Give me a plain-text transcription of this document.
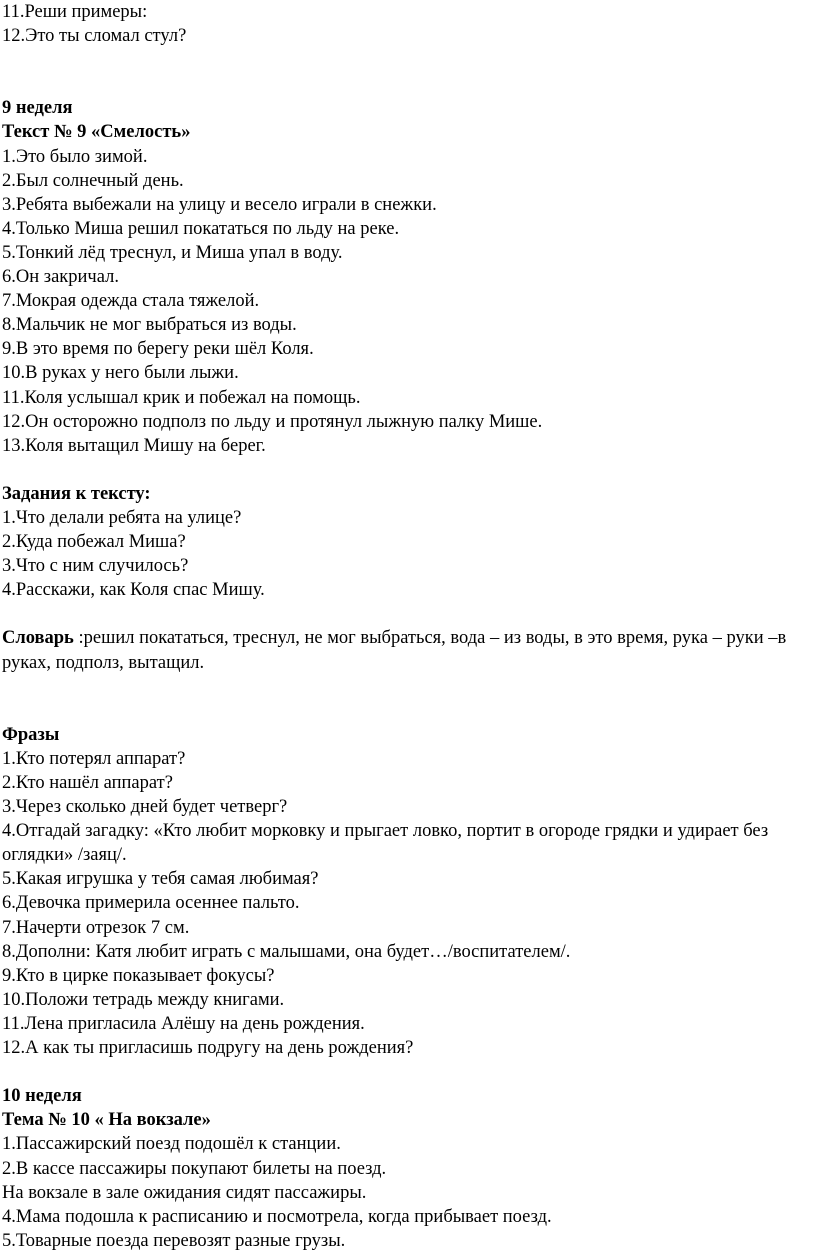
11.Реши примеры:
12.Это ты сломал стул?
9 неделя
Текст № 9 «Смелость»
1.Это было зимой.
2.Был солнечный день.
3.Ребята выбежали на улицу и весело играли в снежки.
4.Только Миша решил покататься по льду на реке.
5.Тонкий лёд треснул, и Миша упал в воду.
6.Он закричал.
7.Мокрая одежда стала тяжелой.
8.Мальчик не мог выбраться из воды.
9.В это время по берегу реки шёл Коля.
10.В руках у него были лыжи.
11.Коля услышал крик и побежал на помощь.
12.Он осторожно подполз по льду и протянул лыжную палку Мише.
13.Коля вытащил Мишу на берег.
Задания к тексту:
1.Что делали ребята на улице?
2.Куда побежал Миша?
3.Что с ним случилось?
4.Расскажи, как Коля спас Мишу.

Словарь :решил покататься, треснул, не мог выбраться, вода – из воды, в это время, рука – руки –в руках, подполз, вытащил.

Фразы
1.Кто потерял аппарат?
2.Кто нашёл аппарат?
3.Через сколько дней будет четверг?
4.Отгадай загадку: «Кто любит морковку и прыгает ловко, портит в огороде грядки и удирает без оглядки» /заяц/.
5.Какая игрушка у тебя самая любимая?
6.Девочка примерила осеннее пальто.
7.Начерти отрезок 7 см.
8.Дополни: Катя любит играть с малышами, она будет…/воспитателем/.
9.Кто в цирке показывает фокусы?
10.Положи тетрадь между книгами.
11.Лена пригласила Алёшу на день рождения.
12.А как ты пригласишь подругу на день рождения?
10 неделя
Тема № 10 « На вокзале»
1.Пассажирский поезд подошёл к станции.
2.В кассе пассажиры покупают билеты на поезд.
На вокзале в зале ожидания сидят пассажиры.
4.Мама подошла к расписанию и посмотрела, когда прибывает поезд.
5.Товарные поезда перевозят разные грузы.
